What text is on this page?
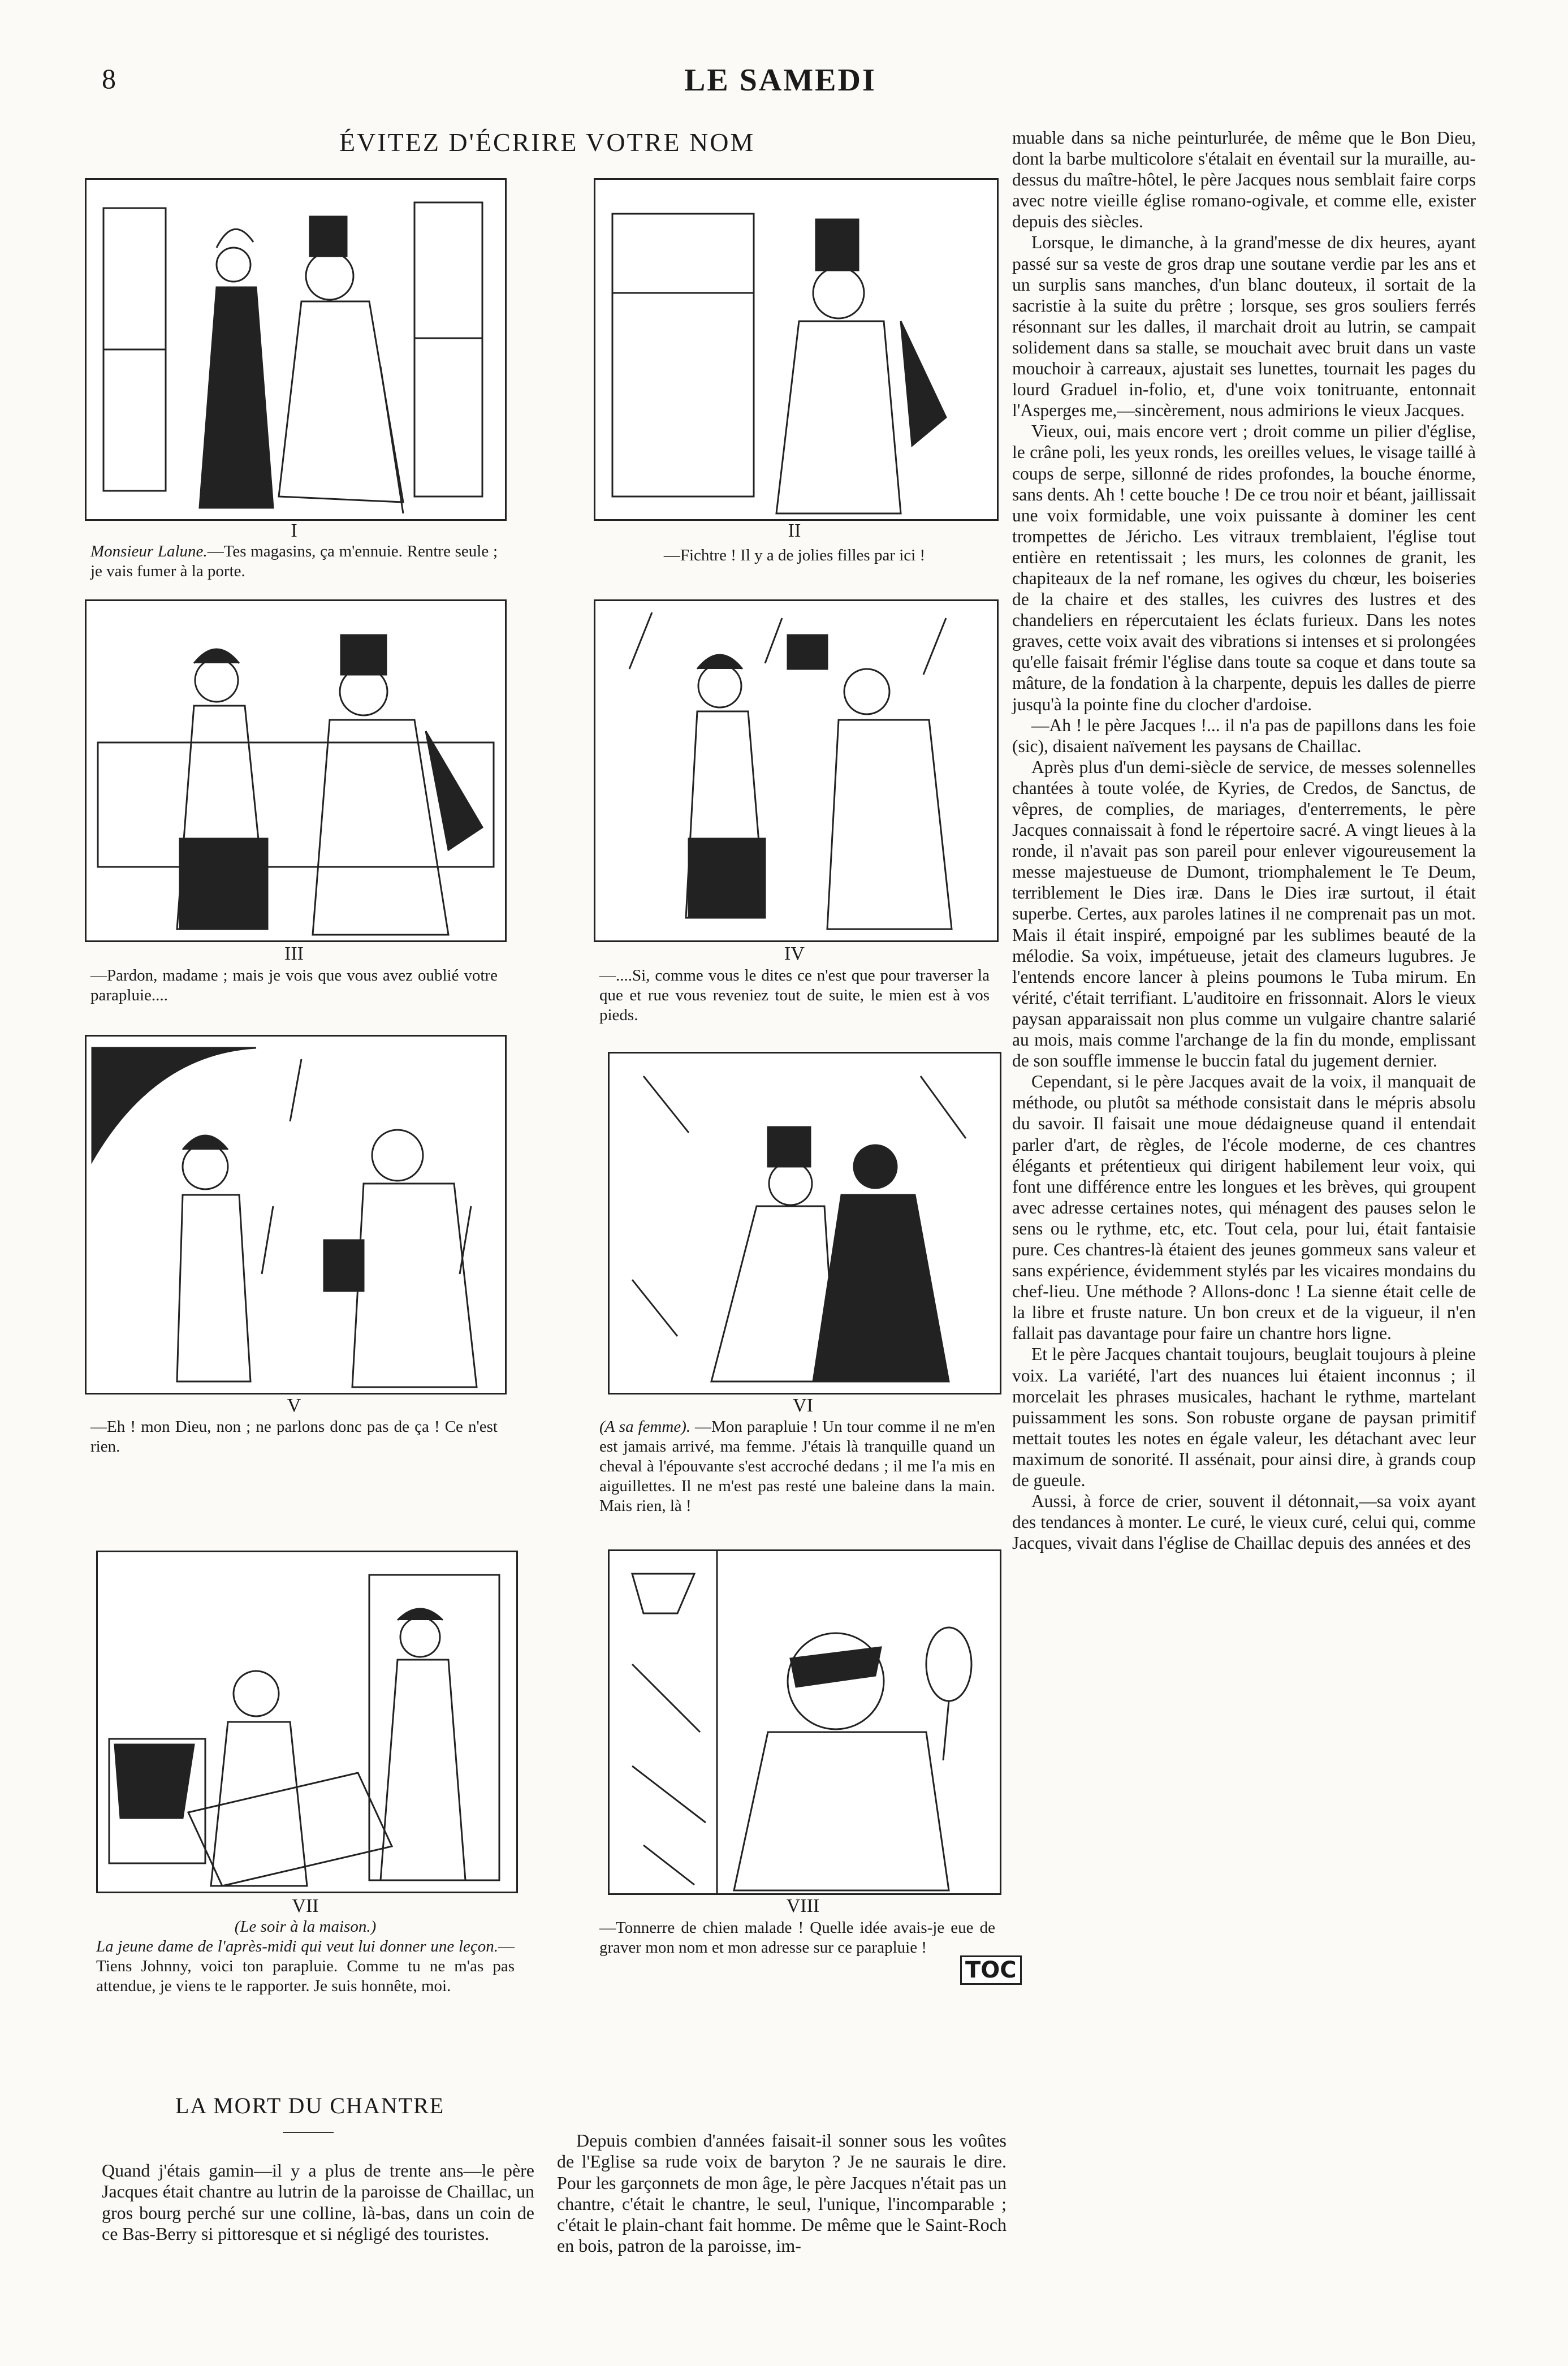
8	LE SAMEDI
ÉVITEZ D'ÉCRIRE VOTRE NOM
I
Monsieur Lalune.—Tes magasins, ça m'ennuie. Rentre seule ; je vais fumer à la porte.
II
—Fichtre ! Il y a de jolies filles par ici !
III
—Pardon, madame ; mais je vois que vous avez oublié votre parapluie....
IV
—....Si, comme vous le dites ce n'est que pour traverser la que et rue vous reveniez tout de suite, le mien est à vos pieds.
V
—Eh ! mon Dieu, non ; ne parlons donc pas de ça ! Ce n'est rien.
VI
(A sa femme). —Mon parapluie ! Un tour comme il ne m'en est jamais arrivé, ma femme. J'étais là tranquille quand un cheval à l'épouvante s'est accroché dedans ; il me l'a mis en aiguillettes. Il ne m'est pas resté une baleine dans la main. Mais rien, là !
VII
(Le soir à la maison.)
La jeune dame de l'après-midi qui veut lui donner une leçon.—Tiens Johnny, voici ton parapluie. Comme tu ne m'as pas attendue, je viens te le rapporter. Je suis honnête, moi.
TOC
VIII
—Tonnerre de chien malade ! Quelle idée avais-je eue de graver mon nom et mon adresse sur ce parapluie !
LA MORT DU CHANTRE

Quand j'étais gamin—il y a plus de trente ans—le père Jacques était chantre au lutrin de la paroisse de Chaillac, un gros bourg perché sur une colline, là-bas, dans un coin de ce Bas-Berry si pittoresque et si négligé des touristes.

Depuis combien d'années faisait-il sonner sous les voûtes de l'Eglise sa rude voix de baryton ? Je ne saurais le dire. Pour les garçonnets de mon âge, le père Jacques n'était pas un chantre, c'était le chantre, le seul, l'unique, l'incomparable ; c'était le plain-chant fait homme. De même que le Saint-Roch en bois, patron de la paroisse, im-

muable dans sa niche peinturlurée, de même que le Bon Dieu, dont la barbe multicolore s'étalait en éventail sur la muraille, au-dessus du maître-hôtel, le père Jacques nous semblait faire corps avec notre vieille église romano-ogivale, et comme elle, exister depuis des siècles.

Lorsque, le dimanche, à la grand'messe de dix heures, ayant passé sur sa veste de gros drap une soutane verdie par les ans et un surplis sans manches, d'un blanc douteux, il sortait de la sacristie à la suite du prêtre ; lorsque, ses gros souliers ferrés résonnant sur les dalles, il marchait droit au lutrin, se campait solidement dans sa stalle, se mouchait avec bruit dans un vaste mouchoir à carreaux, ajustait ses lunettes, tournait les pages du lourd Graduel in-folio, et, d'une voix tonitruante, entonnait l'Asperges me,—sincèrement, nous admirions le vieux Jacques.

Vieux, oui, mais encore vert ; droit comme un pilier d'église, le crâne poli, les yeux ronds, les oreilles velues, le visage taillé à coups de serpe, sillonné de rides profondes, la bouche énorme, sans dents. Ah ! cette bouche ! De ce trou noir et béant, jaillissait une voix formidable, une voix puissante à dominer les cent trompettes de Jéricho. Les vitraux tremblaient, l'église tout entière en retentissait ; les murs, les colonnes de granit, les chapiteaux de la nef romane, les ogives du chœur, les boiseries de la chaire et des stalles, les cuivres des lustres et des chandeliers en répercutaient les éclats furieux. Dans les notes graves, cette voix avait des vibrations si intenses et si prolongées qu'elle faisait frémir l'église dans toute sa coque et dans toute sa mâture, de la fondation à la charpente, depuis les dalles de pierre jusqu'à la pointe fine du clocher d'ardoise.

—Ah ! le père Jacques !... il n'a pas de papillons dans les foie (sic), disaient naïvement les paysans de Chaillac.

Après plus d'un demi-siècle de service, de messes solennelles chantées à toute volée, de Kyries, de Credos, de Sanctus, de vêpres, de complies, de mariages, d'enterrements, le père Jacques connaissait à fond le répertoire sacré. A vingt lieues à la ronde, il n'avait pas son pareil pour enlever vigoureusement la messe majestueuse de Dumont, triomphalement le Te Deum, terriblement le Dies iræ. Dans le Dies iræ surtout, il était superbe. Certes, aux paroles latines il ne comprenait pas un mot. Mais il était inspiré, empoigné par les sublimes beauté de la mélodie. Sa voix, impétueuse, jetait des clameurs lugubres. Je l'entends encore lancer à pleins poumons le Tuba mirum. En vérité, c'était terrifiant. L'auditoire en frissonnait. Alors le vieux paysan apparaissait non plus comme un vulgaire chantre salarié au mois, mais comme l'archange de la fin du monde, emplissant de son souffle immense le buccin fatal du jugement dernier.

Cependant, si le père Jacques avait de la voix, il manquait de méthode, ou plutôt sa méthode consistait dans le mépris absolu du savoir. Il faisait une moue dédaigneuse quand il entendait parler d'art, de règles, de l'école moderne, de ces chantres élégants et prétentieux qui dirigent habilement leur voix, qui font une différence entre les longues et les brèves, qui groupent avec adresse certaines notes, qui ménagent des pauses selon le sens ou le rythme, etc, etc. Tout cela, pour lui, était fantaisie pure. Ces chantres-là étaient des jeunes gommeux sans valeur et sans expérience, évidemment stylés par les vicaires mondains du chef-lieu. Une méthode ? Allons-donc ! La sienne était celle de la libre et fruste nature. Un bon creux et de la vigueur, il n'en fallait pas davantage pour faire un chantre hors ligne.

Et le père Jacques chantait toujours, beuglait toujours à pleine voix. La variété, l'art des nuances lui étaient inconnus ; il morcelait les phrases musicales, hachant le rythme, martelant puissamment les sons. Son robuste organe de paysan primitif mettait toutes les notes en égale valeur, les détachant avec leur maximum de sonorité. Il assénait, pour ainsi dire, à grands coup de gueule.

Aussi, à force de crier, souvent il détonnait,—sa voix ayant des tendances à monter. Le curé, le vieux curé, celui qui, comme Jacques, vivait dans l'église de Chaillac depuis des années et des
